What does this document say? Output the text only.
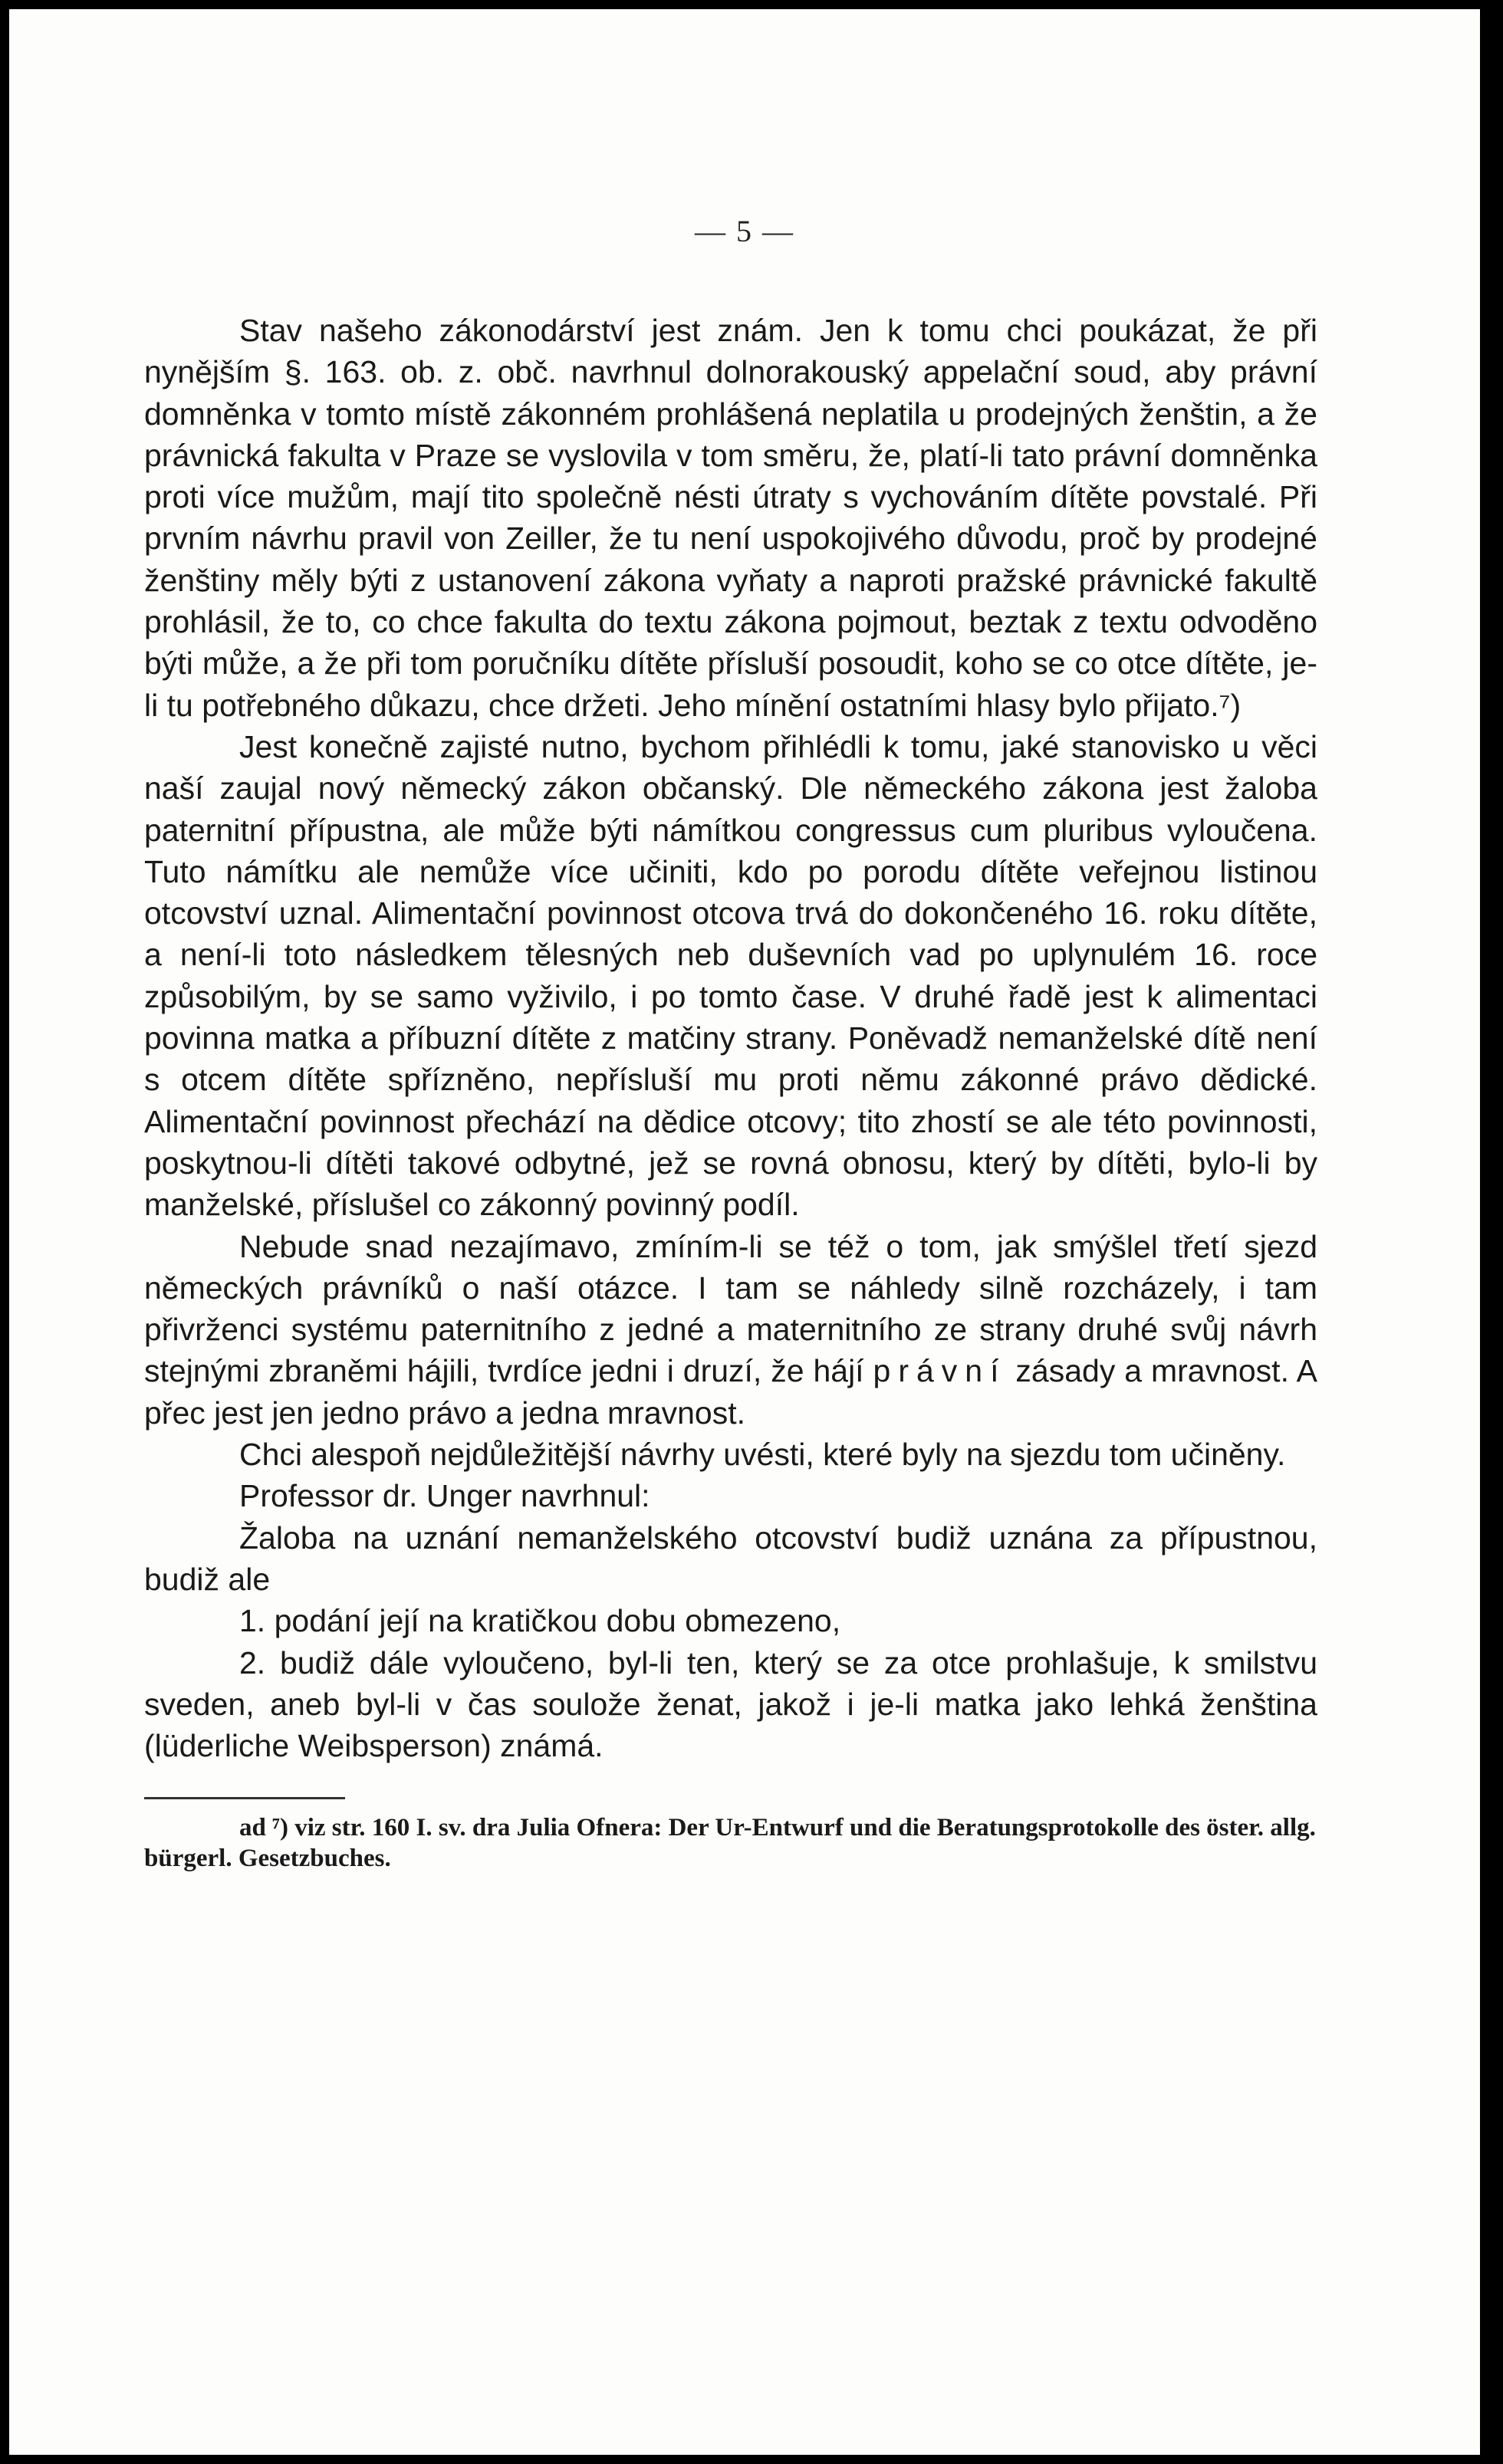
— 5 —

Stav našeho zákonodárství jest znám. Jen k tomu chci poukázat, že při nynějším §. 163. ob. z. obč. navrhnul dolnorakouský appelační soud, aby právní domněnka v tomto místě zákonném prohlášená neplatila u prodejných ženštin, a že právnická fakulta v Praze se vyslovila v tom směru, že, platí-li tato právní domněnka proti více mužům, mají tito společně nésti útraty s vychováním dítěte povstalé. Při prvním návrhu pravil von Zeiller, že tu není uspokojivého důvodu, proč by prodejné ženštiny měly býti z ustanovení zákona vyňaty a naproti pražské právnické fakultě prohlásil, že to, co chce fakulta do textu zákona pojmout, beztak z textu odvoděno býti může, a že při tom poručníku dítěte přísluší posoudit, koho se co otce dítěte, je-li tu potřebného důkazu, chce držeti. Jeho mínění ostatními hlasy bylo přijato.⁷)

Jest konečně zajisté nutno, bychom přihlédli k tomu, jaké stanovisko u věci naší zaujal nový německý zákon občanský. Dle německého zákona jest žaloba paternitní přípustna, ale může býti námítkou congressus cum pluribus vyloučena. Tuto námítku ale nemůže více učiniti, kdo po porodu dítěte veřejnou listinou otcovství uznal. Alimentační povinnost otcova trvá do dokončeného 16. roku dítěte, a není-li toto následkem tělesných neb duševních vad po uplynulém 16. roce způsobilým, by se samo vyživilo, i po tomto čase. V druhé řadě jest k alimentaci povinna matka a příbuzní dítěte z matčiny strany. Poněvadž nemanželské dítě není s otcem dítěte spřízněno, nepřísluší mu proti němu zákonné právo dědické. Alimentační povinnost přechází na dědice otcovy; tito zhostí se ale této povinnosti, poskytnou-li dítěti takové odbytné, jež se rovná obnosu, který by dítěti, bylo-li by manželské, příslušel co zákonný povinný podíl.

Nebude snad nezajímavo, zmíním-li se též o tom, jak smýšlel třetí sjezd německých právníků o naší otázce. I tam se náhledy silně rozcházely, i tam přivrženci systému paternitního z jedné a maternitního ze strany druhé svůj návrh stejnými zbraněmi hájili, tvrdíce jedni i druzí, že hájí právní zásady a mravnost. A přec jest jen jedno právo a jedna mravnost.

Chci alespoň nejdůležitější návrhy uvésti, které byly na sjezdu tom učiněny.

Professor dr. Unger navrhnul:

Žaloba na uznání nemanželského otcovství budiž uznána za přípustnou, budiž ale

1. podání její na kratičkou dobu obmezeno,

2. budiž dále vyloučeno, byl-li ten, který se za otce prohlašuje, k smilstvu sveden, aneb byl-li v čas soulože ženat, jakož i je-li matka jako lehká ženština (lüderliche Weibsperson) známá.

ad ⁷) viz str. 160 I. sv. dra Julia Ofnera: Der Ur-Entwurf und die Beratungsprotokolle des öster. allg. bürgerl. Gesetzbuches.
